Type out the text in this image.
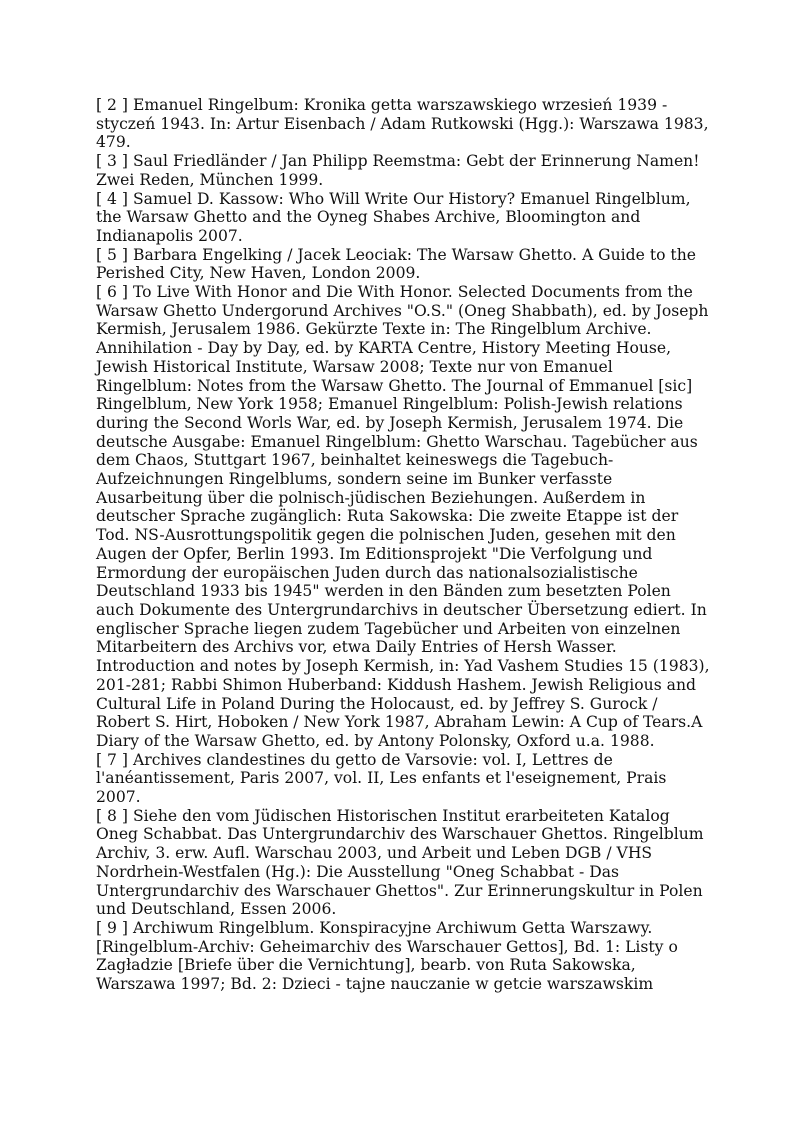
[ 2 ] Emanuel Ringelbum: Kronika getta warszawskiego wrzesień 1939 - styczeń 1943. In: Artur Eisenbach / Adam Rutkowski (Hgg.): Warszawa 1983, 479.

[ 3 ] Saul Friedländer / Jan Philipp Reemstma: Gebt der Erinnerung Namen! Zwei Reden, München 1999.

[ 4 ] Samuel D. Kassow: Who Will Write Our History? Emanuel Ringelblum, the Warsaw Ghetto and the Oyneg Shabes Archive, Bloomington and Indianapolis 2007.

[ 5 ] Barbara Engelking / Jacek Leociak: The Warsaw Ghetto. A Guide to the Perished City, New Haven, London 2009.

[ 6 ] To Live With Honor and Die With Honor. Selected Documents from the Warsaw Ghetto Undergorund Archives "O.S." (Oneg Shabbath), ed. by Joseph Kermish, Jerusalem 1986. Gekürzte Texte in: The Ringelblum Archive. Annihilation - Day by Day, ed. by KARTA Centre, History Meeting House, Jewish Historical Institute, Warsaw 2008; Texte nur von Emanuel Ringelblum: Notes from the Warsaw Ghetto. The Journal of Emmanuel [sic] Ringelblum, New York 1958; Emanuel Ringelblum: Polish-Jewish relations during the Second Worls War, ed. by Joseph Kermish, Jerusalem 1974. Die deutsche Ausgabe: Emanuel Ringelblum: Ghetto Warschau. Tagebücher aus dem Chaos, Stuttgart 1967, beinhaltet keineswegs die Tagebuch-Aufzeichnungen Ringelblums, sondern seine im Bunker verfasste Ausarbeitung über die polnisch-jüdischen Beziehungen. Außerdem in deutscher Sprache zugänglich: Ruta Sakowska: Die zweite Etappe ist der Tod. NS-Ausrottungspolitik gegen die polnischen Juden, gesehen mit den Augen der Opfer, Berlin 1993. Im Editionsprojekt "Die Verfolgung und Ermordung der europäischen Juden durch das nationalsozialistische Deutschland 1933 bis 1945" werden in den Bänden zum besetzten Polen auch Dokumente des Untergrundarchivs in deutscher Übersetzung ediert. In englischer Sprache liegen zudem Tagebücher und Arbeiten von einzelnen Mitarbeitern des Archivs vor, etwa Daily Entries of Hersh Wasser. Introduction and notes by Joseph Kermish, in: Yad Vashem Studies 15 (1983), 201-281; Rabbi Shimon Huberband: Kiddush Hashem. Jewish Religious and Cultural Life in Poland During the Holocaust, ed. by Jeffrey S. Gurock / Robert S. Hirt, Hoboken / New York 1987, Abraham Lewin: A Cup of Tears.A Diary of the Warsaw Ghetto, ed. by Antony Polonsky, Oxford u.a. 1988.

[ 7 ] Archives clandestines du getto de Varsovie: vol. I, Lettres de l'anéantissement, Paris 2007, vol. II, Les enfants et l'eseignement, Prais 2007.

[ 8 ] Siehe den vom Jüdischen Historischen Institut erarbeiteten Katalog Oneg Schabbat. Das Untergrundarchiv des Warschauer Ghettos. Ringelblum Archiv, 3. erw. Aufl. Warschau 2003, und Arbeit und Leben DGB / VHS Nordrhein-Westfalen (Hg.): Die Ausstellung "Oneg Schabbat - Das Untergrundarchiv des Warschauer Ghettos". Zur Erinnerungskultur in Polen und Deutschland, Essen 2006.

[ 9 ] Archiwum Ringelblum. Konspiracyjne Archiwum Getta Warszawy. [Ringelblum-Archiv: Geheimarchiv des Warschauer Gettos], Bd. 1: Listy o Zagładzie [Briefe über die Vernichtung], bearb. von Ruta Sakowska, Warszawa 1997; Bd. 2: Dzieci - tajne nauczanie w getcie warszawskim
